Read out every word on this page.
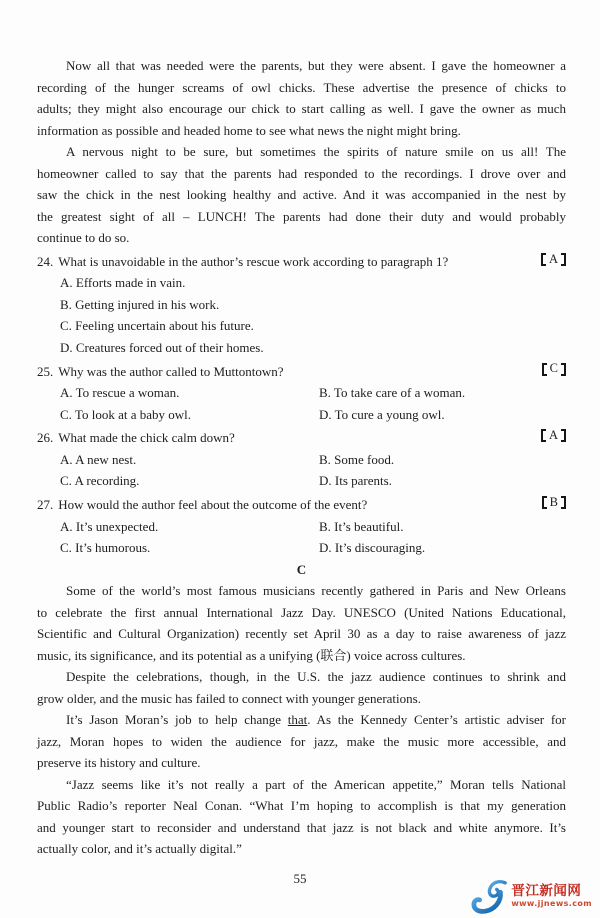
Now all that was needed were the parents, but they were absent. I gave the homeowner a
recording of the hunger screams of owl chicks. These advertise the presence of chicks to
adults; they might also encourage our chick to start calling as well. I gave the owner as much
information as possible and headed home to see what news the night might bring.
A nervous night to be sure, but sometimes the spirits of nature smile on us all! The
homeowner called to say that the parents had responded to the recordings. I drove over and
saw the chick in the nest looking healthy and active. And it was accompanied in the nest by
the greatest sight of all – LUNCH! The parents had done their duty and would probably
continue to do so.
24. What is unavoidable in the author’s rescue work according to paragraph 1?	A
A. Efforts made in vain.
B. Getting injured in his work.
C. Feeling uncertain about his future.
D. Creatures forced out of their homes.
25. Why was the author called to Muttontown?	C
A. To rescue a woman.	B. To take care of a woman.
C. To look at a baby owl.	D. To cure a young owl.
26. What made the chick calm down?	A
A. A new nest.	B. Some food.
C. A recording.	D. Its parents.
27. How would the author feel about the outcome of the event?	B
A. It’s unexpected.	B. It’s beautiful.
C. It’s humorous.	D. It’s discouraging.
C
Some of the world’s most famous musicians recently gathered in Paris and New Orleans
to celebrate the first annual International Jazz Day. UNESCO (United Nations Educational,
Scientific and Cultural Organization) recently set April 30 as a day to raise awareness of jazz
music, its significance, and its potential as a unifying (联合) voice across cultures.
Despite the celebrations, though, in the U.S. the jazz audience continues to shrink and
grow older, and the music has failed to connect with younger generations.
It’s Jason Moran’s job to help change that. As the Kennedy Center’s artistic adviser for
jazz, Moran hopes to widen the audience for jazz, make the music more accessible, and
preserve its history and culture.
“Jazz seems like it’s not really a part of the American appetite,” Moran tells National
Public Radio’s reporter Neal Conan. “What I’m hoping to accomplish is that my generation
and younger start to reconsider and understand that jazz is not black and white anymore. It’s
actually color, and it’s actually digital.”
55
晋江新闻网
www.jjnews.com
